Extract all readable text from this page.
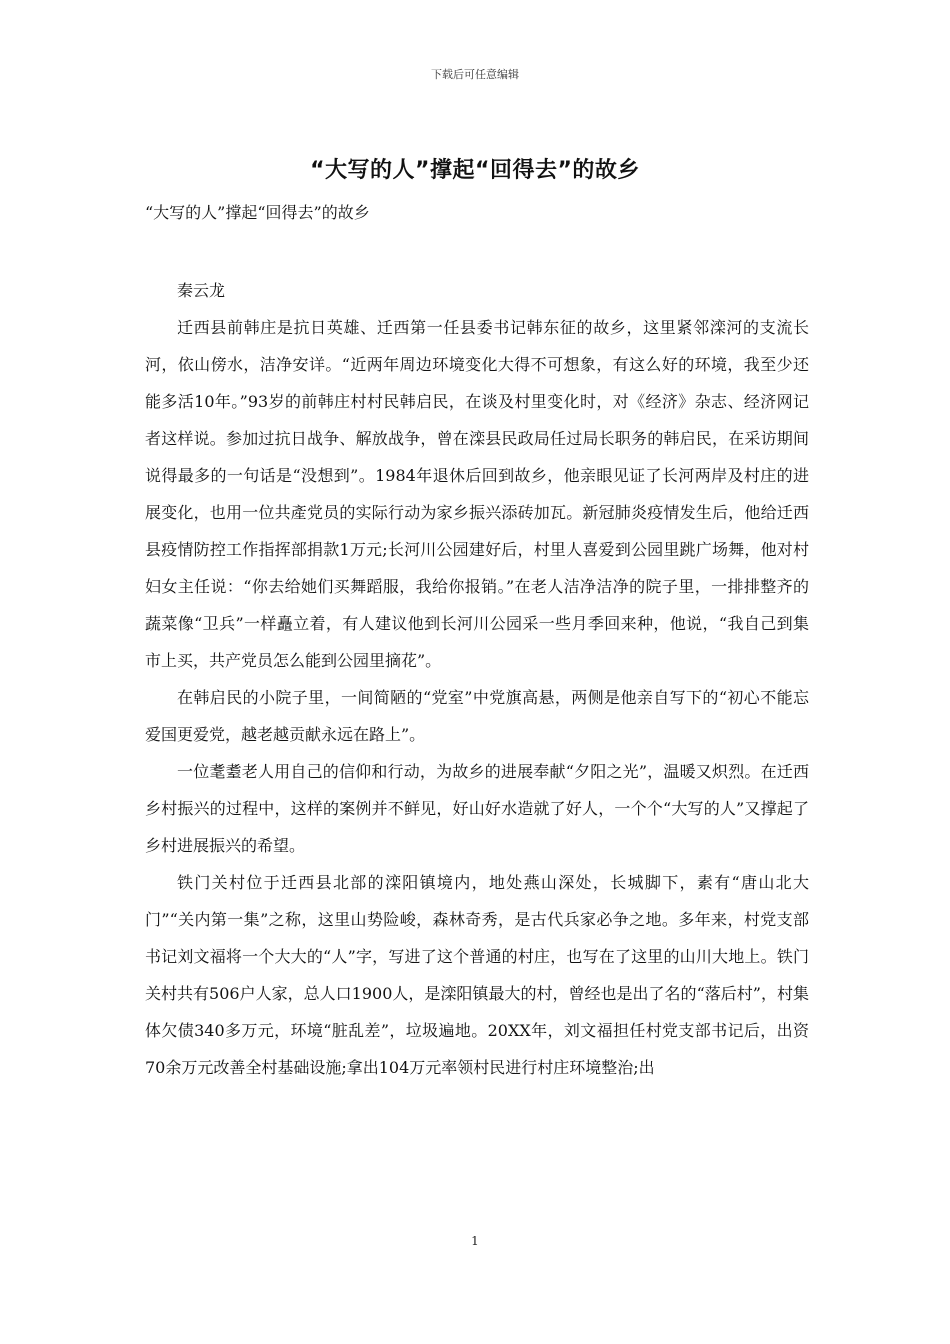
下载后可任意编辑
“大写的人”撑起“回得去”的故乡
“大写的人”撑起“回得去”的故乡

秦云龙

迁西县前韩庄是抗日英雄、迁西第一任县委书记韩东征的故乡，这里紧邻滦河的支流长河，依山傍水，洁净安详。“近两年周边环境变化大得不可想象，有这么好的环境，我至少还能多活10年。”93岁的前韩庄村村民韩启民，在谈及村里变化时，对《经济》杂志、经济网记者这样说。参加过抗日战争、解放战争，曾在滦县民政局任过局长职务的韩启民，在采访期间说得最多的一句话是“没想到”。1984年退休后回到故乡，他亲眼见证了长河两岸及村庄的进展变化，也用一位共產党员的实际行动为家乡振兴添砖加瓦。新冠肺炎疫情发生后，他给迁西县疫情防控工作指挥部捐款1万元;长河川公园建好后，村里人喜爱到公园里跳广场舞，他对村妇女主任说：“你去给她们买舞蹈服，我给你报销。”在老人洁净洁净的院子里，一排排整齐的蔬菜像“卫兵”一样矗立着，有人建议他到长河川公园采一些月季回来种，他说，“我自己到集市上买，共产党员怎么能到公园里摘花”。

在韩启民的小院子里，一间简陋的“党室”中党旗高悬，两侧是他亲自写下的“初心不能忘爱国更爱党，越老越贡献永远在路上”。

一位耄耋老人用自己的信仰和行动，为故乡的进展奉献“夕阳之光”，温暖又炽烈。在迁西乡村振兴的过程中，这样的案例并不鲜见，好山好水造就了好人，一个个“大写的人”又撑起了乡村进展振兴的希望。

铁门关村位于迁西县北部的滦阳镇境内，地处燕山深处，长城脚下，素有“唐山北大门”“关内第一集”之称，这里山势险峻，森林奇秀，是古代兵家必争之地。多年来，村党支部书记刘文福将一个大大的“人”字，写进了这个普通的村庄，也写在了这里的山川大地上。铁门关村共有506户人家，总人口1900人，是滦阳镇最大的村，曾经也是出了名的“落后村”，村集体欠债340多万元，环境“脏乱差”，垃圾遍地。20XX年，刘文福担任村党支部书记后，出资70余万元改善全村基础设施;拿出104万元率领村民进行村庄环境整治;出

1
